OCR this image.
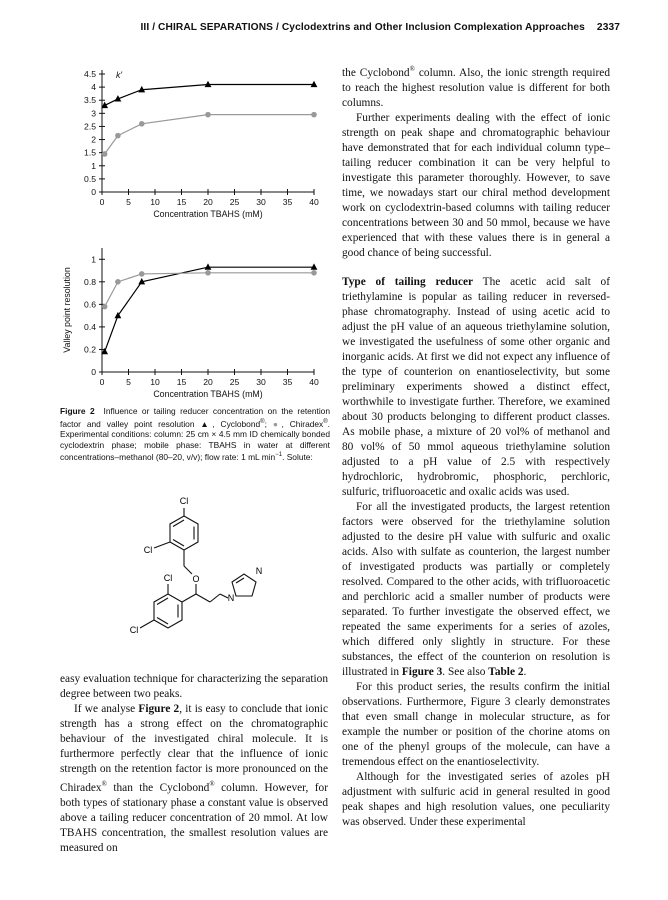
III / CHIRAL SEPARATIONS / Cyclodextrins and Other Inclusion Complexation Approaches 2337
0	5 10 15 20 25 30 35 40
0
0.5
1
1.5
2
2.5
3
3.5
4
4.5
Concentration TBAHS (mM)
k'
0	5 10 15 20 25 30 35 40
0
0.2
0.4
0.6
0.8
1
Concentration TBAHS (mM)
Valley point resolution
Figure 2 Influence or tailing reducer concentration on the retention factor and valley point resolution ▲, Cyclobond®; ●, Chiradex®. Experimental conditions: column: 25 cm × 4.5 mm ID chemically bonded cyclodextrin phase; mobile phase: TBAHS in water at different concentrations–methanol (80–20, v/v); flow rate: 1 mL $\min^{-1}$. Solute:
Cl
Cl
Cl
Cl
O
N
N

easy evaluation technique for characterizing the separation degree between two peaks.

If we analyse Figure 2, it is easy to conclude that ionic strength has a strong effect on the chromatographic behaviour of the investigated chiral molecule. It is furthermore perfectly clear that the influence of ionic strength on the retention factor is more pronounced on the Chiradex® than the Cyclobond® column. However, for both types of stationary phase a constant value is observed above a tailing reducer concentration of 20 mmol. At low TBAHS concentration, the smallest resolution values are measured on

the Cyclobond® column. Also, the ionic strength required to reach the highest resolution value is different for both columns.

Further experiments dealing with the effect of ionic strength on peak shape and chromatographic behaviour have demonstrated that for each individual column type–tailing reducer combination it can be very helpful to investigate this parameter thoroughly. However, to save time, we nowadays start our chiral method development work on cyclodextrin-based columns with tailing reducer concentrations between 30 and 50 mmol, because we have experienced that with these values there is in general a good chance of being successful.

Type of tailing reducer The acetic acid salt of triethylamine is popular as tailing reducer in reversed-phase chromatography. Instead of using acetic acid to adjust the pH value of an aqueous triethylamine solution, we investigated the usefulness of some other organic and inorganic acids. At first we did not expect any influence of the type of counterion on enantioselectivity, but some preliminary experiments showed a distinct effect, worthwhile to investigate further. Therefore, we examined about 30 products belonging to different product classes. As mobile phase, a mixture of 20 vol% of methanol and 80 vol% of 50 mmol aqueous triethylamine solution adjusted to a pH value of 2.5 with respectively hydrochloric, hydrobromic, phosphoric, perchloric, sulfuric, trifluoroacetic and oxalic acids was used.

For all the investigated products, the largest retention factors were observed for the triethylamine solution adjusted to the desire pH value with sulfuric and oxalic acids. Also with sulfate as counterion, the largest number of investigated products was partially or completely resolved. Compared to the other acids, with trifluoroacetic and perchloric acid a smaller number of products were separated. To further investigate the observed effect, we repeated the same experiments for a series of azoles, which differed only slightly in structure. For these substances, the effect of the counterion on resolution is illustrated in Figure 3. See also Table 2.

For this product series, the results confirm the initial observations. Furthermore, Figure 3 clearly demonstrates that even small change in molecular structure, as for example the number or position of the chorine atoms on one of the phenyl groups of the molecule, can have a tremendous effect on the enantioselectivity.

Although for the investigated series of azoles pH adjustment with sulfuric acid in general resulted in good peak shapes and high resolution values, one peculiarity was observed. Under these experimental
